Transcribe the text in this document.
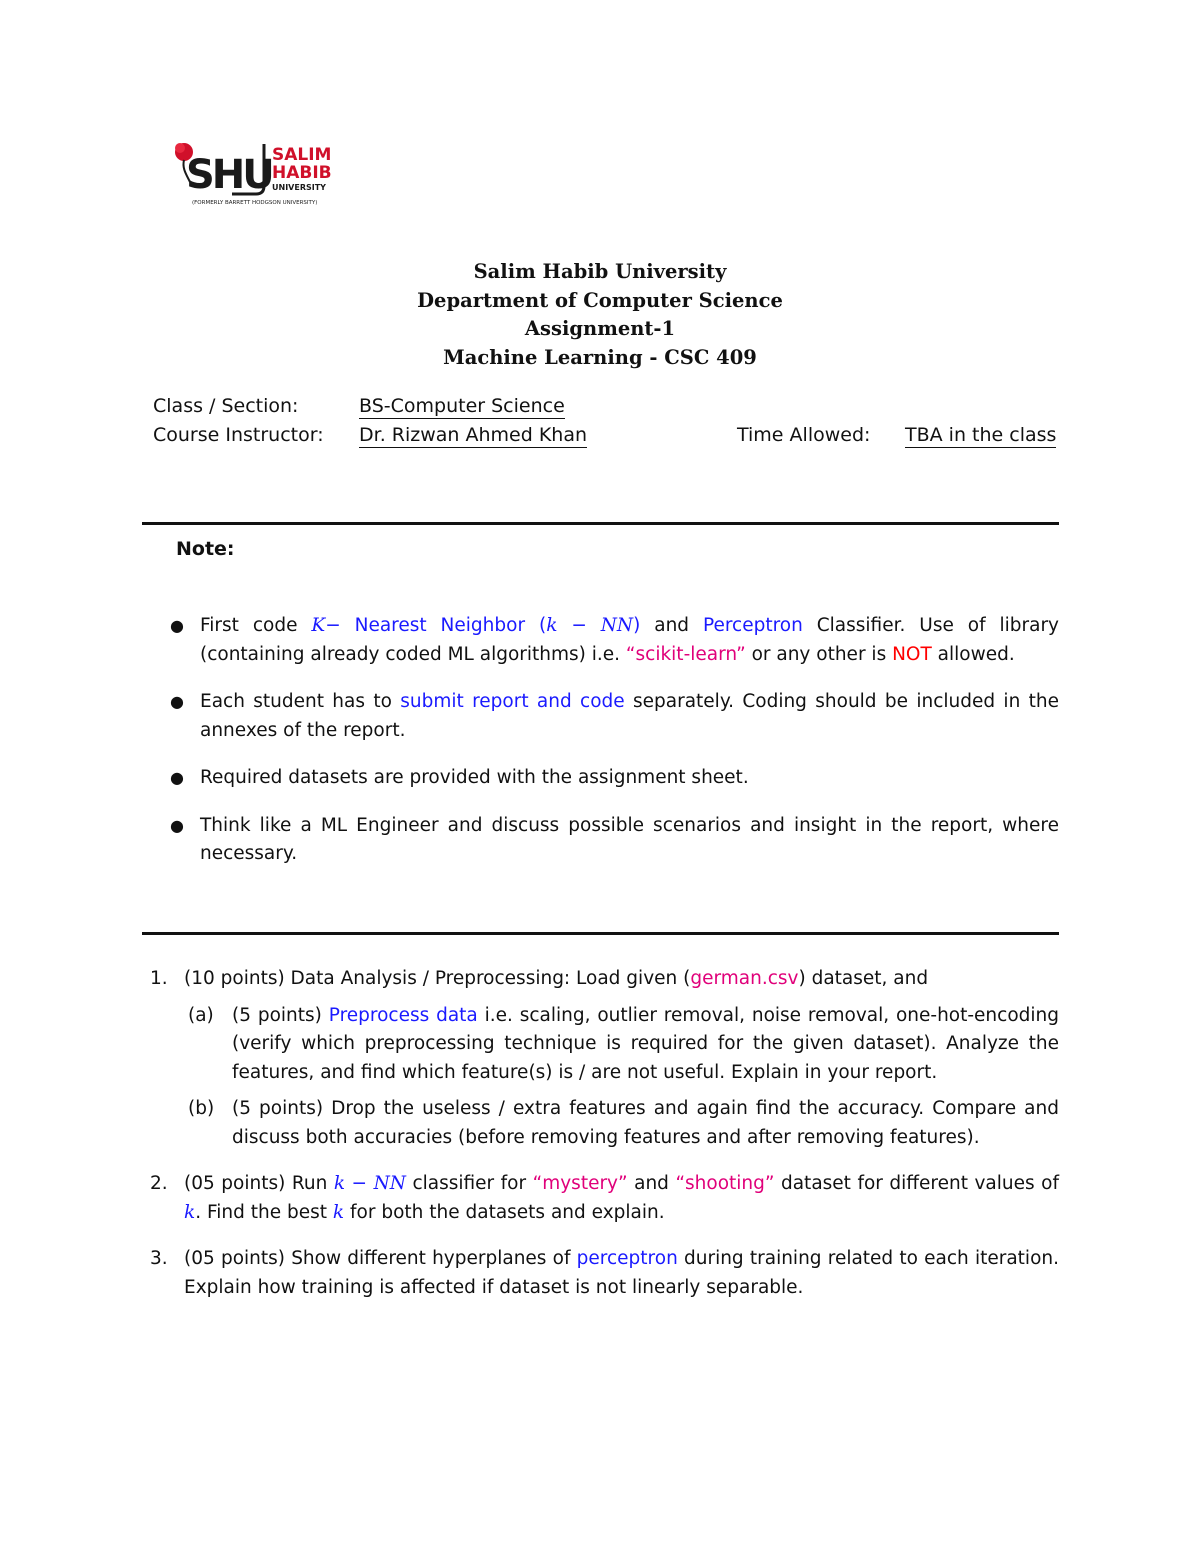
SHU SALIM
HABIB
UNIVERSITY
(FORMERLY BARRETT HODGSON UNIVERSITY)
Salim Habib University
Department of Computer Science
Assignment-1
Machine Learning - CSC 409
Class / Section:	BS-Computer Science
Course Instructor: Dr. Rizwan Ahmed Khan	Time Allowed: TBA in the class
Note:
● First code K− Nearest Neighbor (k − NN) and Perceptron Classifier. Use of library (containing already coded ML algorithms) i.e. “scikit-learn” or any other is NOT allowed.
● Each student has to submit report and code separately. Coding should be included in the annexes of the report.
● Required datasets are provided with the assignment sheet.
● Think like a ML Engineer and discuss possible scenarios and insight in the report, where necessary.
1. (10 points) Data Analysis / Preprocessing: Load given (german.csv) dataset, and
(a) (5 points) Preprocess data i.e. scaling, outlier removal, noise removal, one-hot-encoding (verify which preprocessing technique is required for the given dataset). Analyze the features, and find which feature(s) is / are not useful. Explain in your report.
(b) (5 points) Drop the useless / extra features and again find the accuracy. Compare and discuss both accuracies (before removing features and after removing features).
2. (05 points) Run k − NN classifier for “mystery” and “shooting” dataset for different values of k. Find the best k for both the datasets and explain.
3. (05 points) Show different hyperplanes of perceptron during training related to each iteration. Explain how training is affected if dataset is not linearly separable.
